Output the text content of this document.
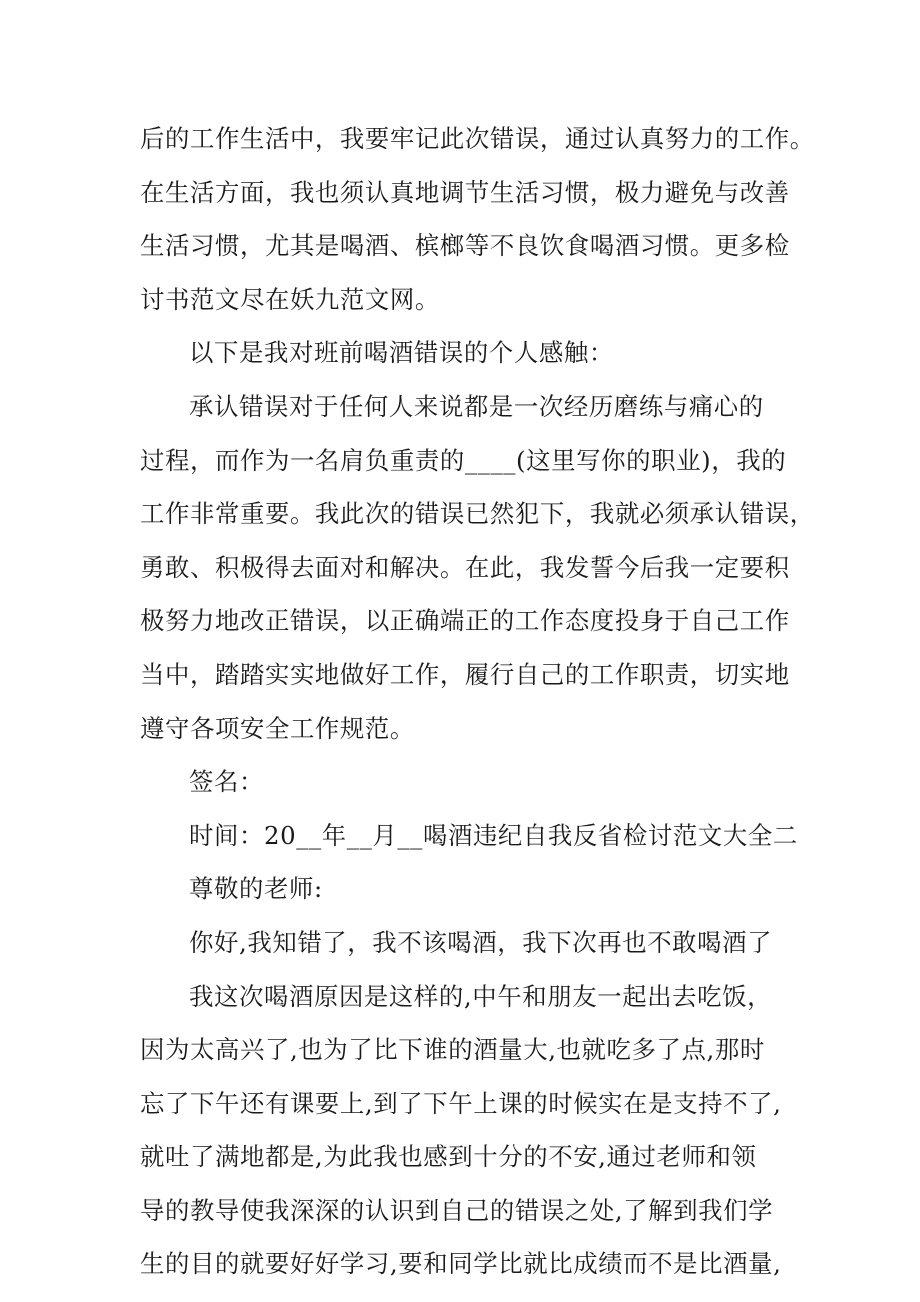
后的工作生活中，我要牢记此次错误，通过认真努力的工作。
在生活方面，我也须认真地调节生活习惯，极力避免与改善
生活习惯，尤其是喝酒、槟榔等不良饮食喝酒习惯。更多检
讨书范文尽在妖九范文网。
以下是我对班前喝酒错误的个人感触：
承认错误对于任何人来说都是一次经历磨练与痛心的
过程，而作为一名肩负重责的____(这里写你的职业)，我的
工作非常重要。我此次的错误已然犯下，我就必须承认错误，
勇敢、积极得去面对和解决。在此，我发誓今后我一定要积
极努力地改正错误，以正确端正的工作态度投身于自己工作
当中，踏踏实实地做好工作，履行自己的工作职责，切实地
遵守各项安全工作规范。
签名：
时间：20__年__月__喝酒违纪自我反省检讨范文大全二
尊敬的老师:
你好,我知错了，我不该喝酒，我下次再也不敢喝酒了
我这次喝酒原因是这样的,中午和朋友一起出去吃饭，
因为太高兴了,也为了比下谁的酒量大,也就吃多了点,那时
忘了下午还有课要上,到了下午上课的时候实在是支持不了,
就吐了满地都是,为此我也感到十分的不安,通过老师和领
导的教导使我深深的认识到自己的错误之处,了解到我们学
生的目的就要好好学习,要和同学比就比成绩而不是比酒量,
